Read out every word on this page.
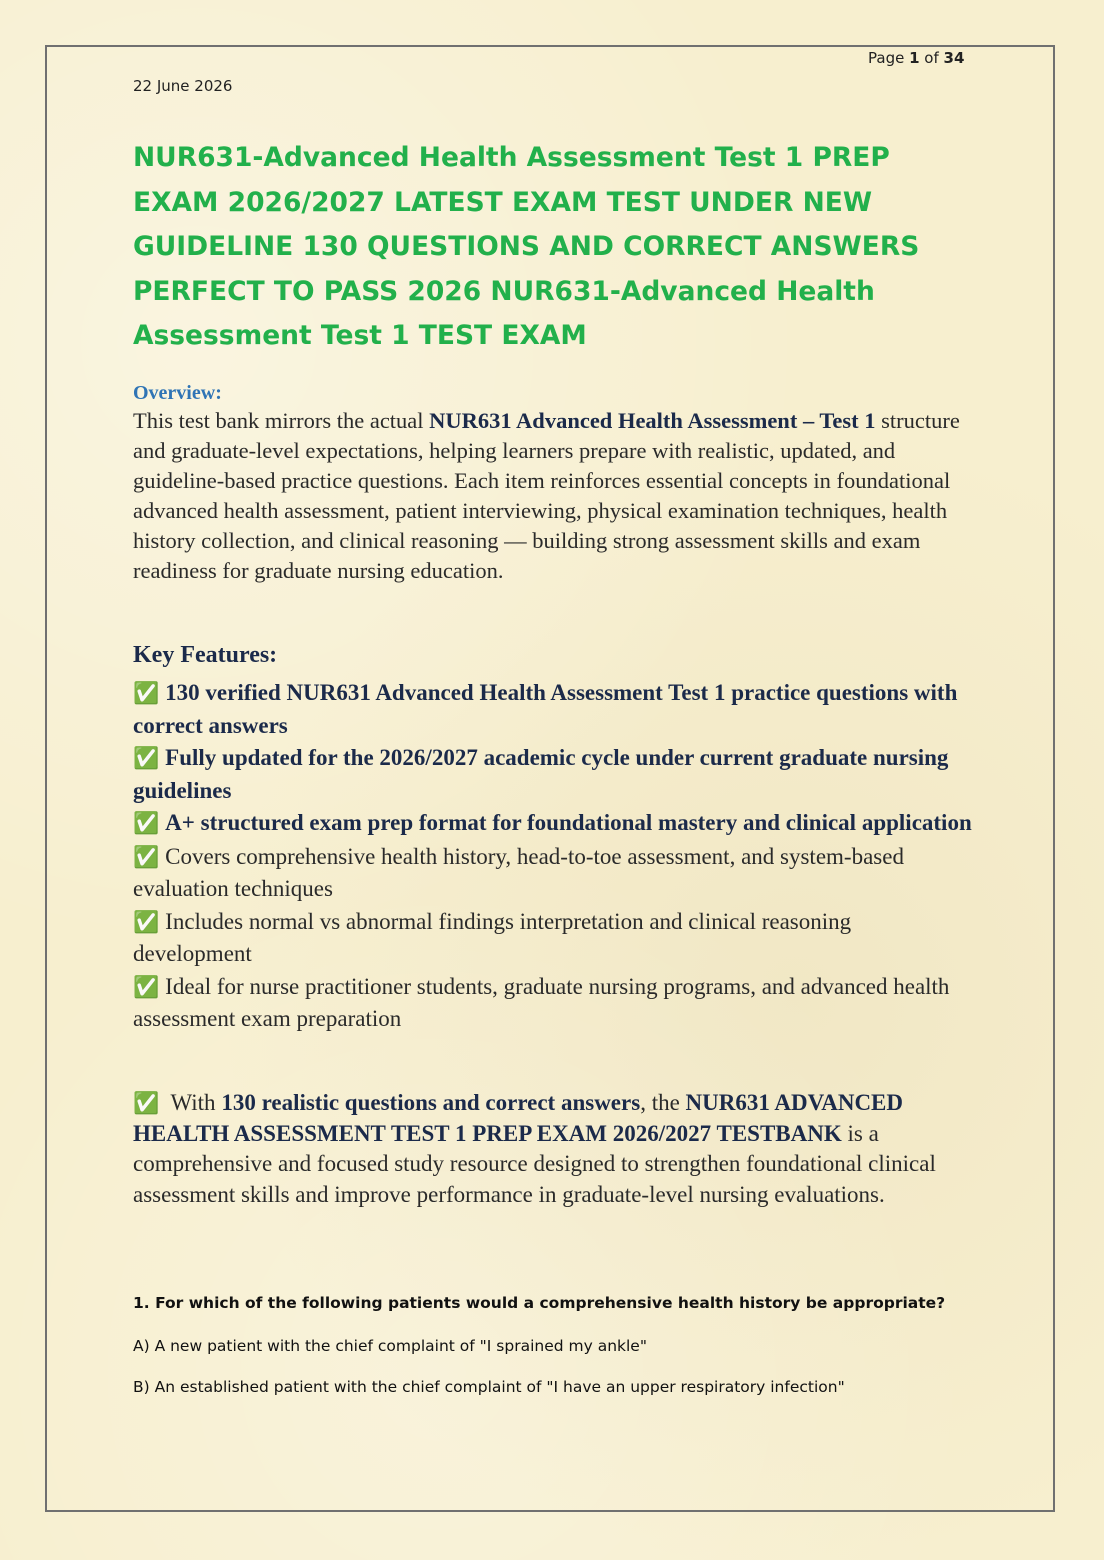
Page 1 of 34
22 June 2026
NUR631-Advanced Health Assessment Test 1 PREP EXAM 2026/2027 LATEST EXAM TEST UNDER NEW GUIDELINE 130 QUESTIONS AND CORRECT ANSWERS PERFECT TO PASS 2026 NUR631-Advanced Health Assessment Test 1 TEST EXAM

Overview:

This test bank mirrors the actual NUR631 Advanced Health Assessment – Test 1 structure and graduate-level expectations, helping learners prepare with realistic, updated, and guideline-based practice questions. Each item reinforces essential concepts in foundational advanced health assessment, patient interviewing, physical examination techniques, health history collection, and clinical reasoning — building strong assessment skills and exam readiness for graduate nursing education.

Key Features:

✅ 130 verified NUR631 Advanced Health Assessment Test 1 practice questions with correct answers
✅ Fully updated for the 2026/2027 academic cycle under current graduate nursing guidelines
✅ A+ structured exam prep format for foundational mastery and clinical application
✅ Covers comprehensive health history, head-to-toe assessment, and system-based evaluation techniques
✅ Includes normal vs abnormal findings interpretation and clinical reasoning development
✅ Ideal for nurse practitioner students, graduate nursing programs, and advanced health assessment exam preparation

✅ With 130 realistic questions and correct answers, the NUR631 ADVANCED HEALTH ASSESSMENT TEST 1 PREP EXAM 2026/2027 TESTBANK is a comprehensive and focused study resource designed to strengthen foundational clinical assessment skills and improve performance in graduate-level nursing evaluations.

1. For which of the following patients would a comprehensive health history be appropriate?

A) A new patient with the chief complaint of "I sprained my ankle"

B) An established patient with the chief complaint of "I have an upper respiratory infection"
